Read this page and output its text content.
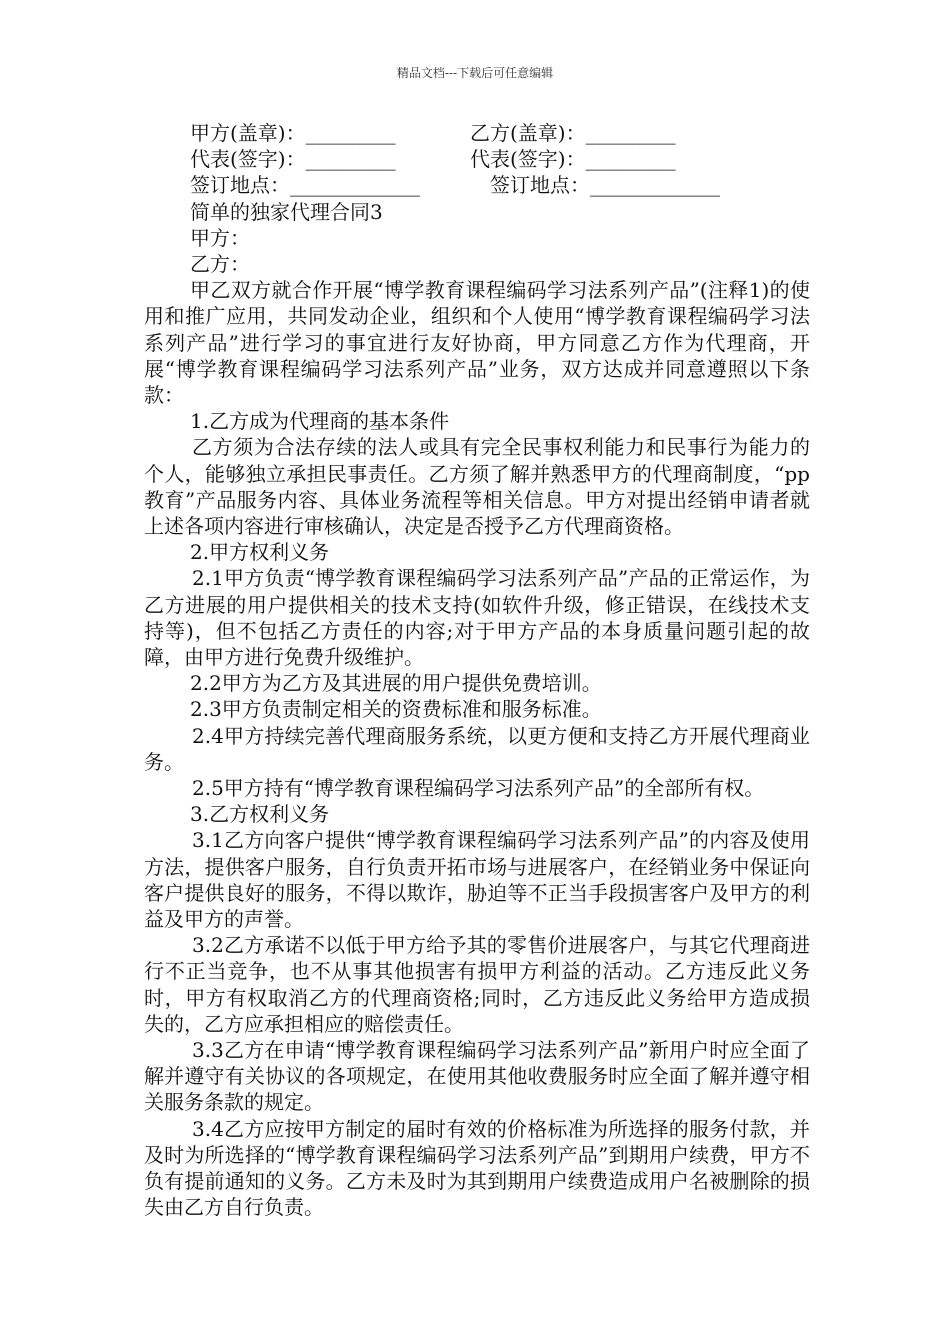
精品文档---下载后可任意编辑
甲方(盖章)：_________	乙方(盖章)：_________
代表(签字)：_________	代表(签字)：_________
签订地点：_____________	签订地点：_____________

简单的独家代理合同3

甲方：

乙方：

甲乙双方就合作开展“博学教育课程编码学习法系列产品”(注释1)的使用和推广应用，共同发动企业，组织和个人使用“博学教育课程编码学习法系列产品”进行学习的事宜进行友好协商，甲方同意乙方作为代理商，开展“博学教育课程编码学习法系列产品”业务，双方达成并同意遵照以下条款：

1.乙方成为代理商的基本条件

乙方须为合法存续的法人或具有完全民事权利能力和民事行为能力的个人，能够独立承担民事责任。乙方须了解并熟悉甲方的代理商制度，“pp教育”产品服务内容、具体业务流程等相关信息。甲方对提出经销申请者就上述各项内容进行审核确认，决定是否授予乙方代理商资格。

2.甲方权利义务

2.1甲方负责“博学教育课程编码学习法系列产品”产品的正常运作，为乙方进展的用户提供相关的技术支持(如软件升级，修正错误，在线技术支持等)，但不包括乙方责任的内容;对于甲方产品的本身质量问题引起的故障，由甲方进行免费升级维护。

2.2甲方为乙方及其进展的用户提供免费培训。

2.3甲方负责制定相关的资费标准和服务标准。

2.4甲方持续完善代理商服务系统，以更方便和支持乙方开展代理商业务。

2.5甲方持有“博学教育课程编码学习法系列产品”的全部所有权。

3.乙方权利义务

3.1乙方向客户提供“博学教育课程编码学习法系列产品”的内容及使用方法，提供客户服务，自行负责开拓市场与进展客户，在经销业务中保证向客户提供良好的服务，不得以欺诈，胁迫等不正当手段损害客户及甲方的利益及甲方的声誉。

3.2乙方承诺不以低于甲方给予其的零售价进展客户，与其它代理商进行不正当竞争，也不从事其他损害有损甲方利益的活动。乙方违反此义务时，甲方有权取消乙方的代理商资格;同时，乙方违反此义务给甲方造成损失的，乙方应承担相应的赔偿责任。

3.3乙方在申请“博学教育课程编码学习法系列产品”新用户时应全面了解并遵守有关协议的各项规定，在使用其他收费服务时应全面了解并遵守相关服务条款的规定。

3.4乙方应按甲方制定的届时有效的价格标准为所选择的服务付款，并及时为所选择的“博学教育课程编码学习法系列产品”到期用户续费，甲方不负有提前通知的义务。乙方未及时为其到期用户续费造成用户名被删除的损失由乙方自行负责。
